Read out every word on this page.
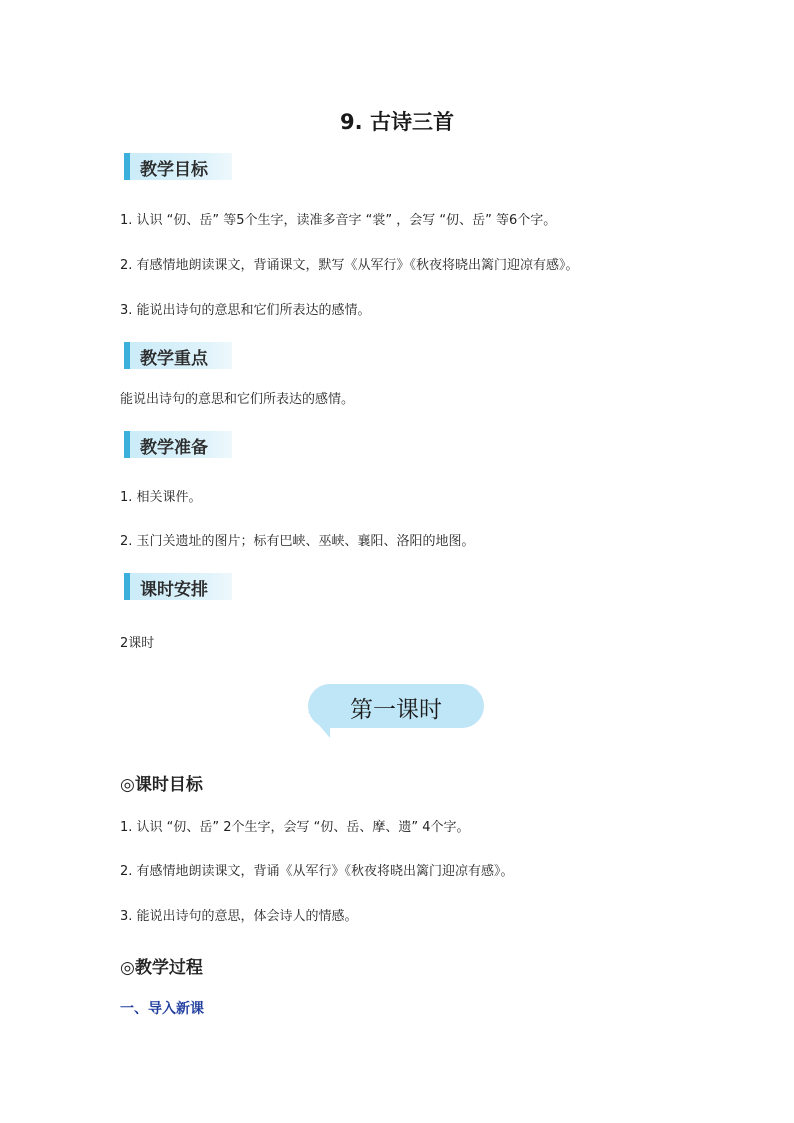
9. 古诗三首
教学目标
1. 认识 “仞、岳” 等5个生字，读准多音字 “裳” ，会写 “仞、岳” 等6个字。
2. 有感情地朗读课文，背诵课文，默写《从军行》《秋夜将晓出篱门迎凉有感》。
3. 能说出诗句的意思和它们所表达的感情。
教学重点
能说出诗句的意思和它们所表达的感情。
教学准备
1. 相关课件。
2. 玉门关遗址的图片；标有巴峡、巫峡、襄阳、洛阳的地图。
课时安排
2课时
第一课时
◎课时目标
1. 认识 “仞、岳” 2个生字，会写 “仞、岳、摩、遗” 4个字。
2. 有感情地朗读课文，背诵《从军行》《秋夜将晓出篱门迎凉有感》。
3. 能说出诗句的意思，体会诗人的情感。
◎教学过程
一、导入新课
